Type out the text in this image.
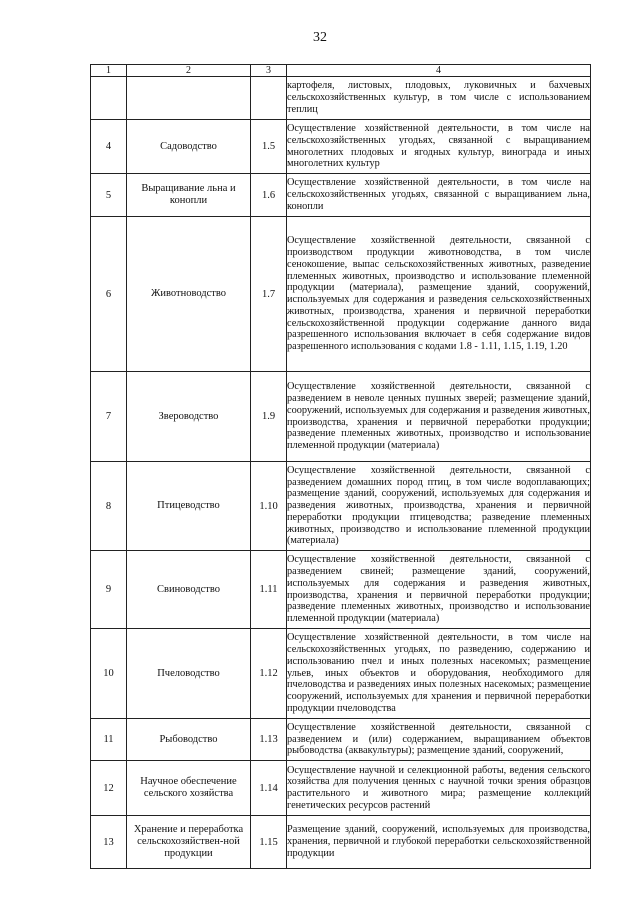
32
1	2	3	4
			картофеля, листовых, плодовых, луковичных и бахчевых сельскохозяйственных культур, в том числе с использованием теплиц
4	Садоводство	1.5	Осуществление хозяйственной деятельности, в том числе на сельскохозяйственных угодьях, связанной с выращиванием многолетних плодовых и ягодных культур, винограда и иных многолетних культур
5	Выращивание льна и конопли	1.6	Осуществление хозяйственной деятельности, в том числе на сельскохозяйственных угодьях, связанной с выращиванием льна, конопли
6	Животноводство	1.7	Осуществление хозяйственной деятельности, связанной с производством продукции животноводства, в том числе сенокошение, выпас сельскохозяйственных животных, разведение племенных животных, производство и использование племенной продукции (материала), размещение зданий, сооружений, используемых для содержания и разведения сельскохозяйственных животных, производства, хранения и первичной переработки сельскохозяйственной продукции содержание данного вида разрешенного использования включает в себя содержание видов разрешенного использования с кодами 1.8 - 1.11, 1.15, 1.19, 1.20
7	Звероводство	1.9	Осуществление хозяйственной деятельности, связанной с разведением в неволе ценных пушных зверей; размещение зданий, сооружений, используемых для содержания и разведения животных, производства, хранения и первичной переработки продукции; разведение племенных животных, производство и использование племенной продукции (материала)
8	Птицеводство	1.10	Осуществление хозяйственной деятельности, связанной с разведением домашних пород птиц, в том числе водоплавающих; размещение зданий, сооружений, используемых для содержания и разведения животных, производства, хранения и первичной переработки продукции птицеводства; разведение племенных животных, производство и использование племенной продукции (материала)
9	Свиноводство	1.11	Осуществление хозяйственной деятельности, связанной с разведением свиней; размещение зданий, сооружений, используемых для содержания и разведения животных, производства, хранения и первичной переработки продукции; разведение племенных животных, производство и использование племенной продукции (материала)
10	Пчеловодство	1.12	Осуществление хозяйственной деятельности, в том числе на сельскохозяйственных угодьях, по разведению, содержанию и использованию пчел и иных полезных насекомых; размещение ульев, иных объектов и оборудования, необходимого для пчеловодства и разведениях иных полезных насекомых; размещение сооружений, используемых для хранения и первичной переработки продукции пчеловодства
11	Рыбоводство	1.13	Осуществление хозяйственной деятельности, связанной с разведением и (или) содержанием, выращиванием объектов рыбоводства (аквакультуры); размещение зданий, сооружений,
12	Научное обеспечение сельского хозяйства	1.14	Осуществление научной и селекционной работы, ведения сельского хозяйства для получения ценных с научной точки зрения образцов растительного и животного мира; размещение коллекций генетических ресурсов растений
13	Хранение и переработка сельскохозяйствен-ной продукции	1.15	Размещение зданий, сооружений, используемых для производства, хранения, первичной и глубокой переработки сельскохозяйственной продукции
